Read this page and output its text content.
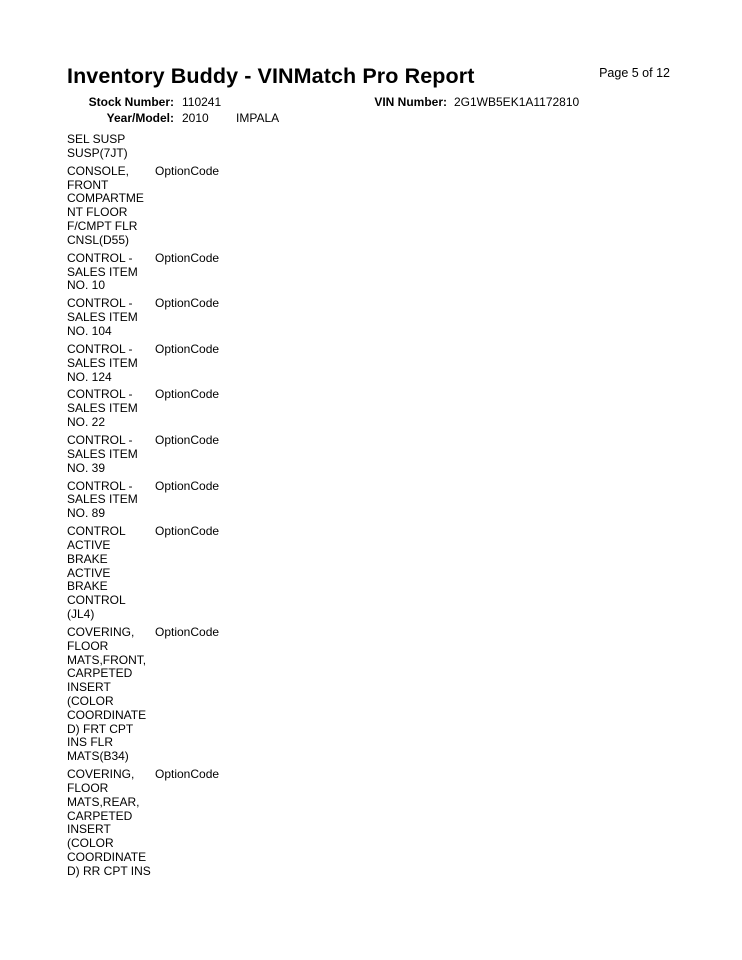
Inventory Buddy - VINMatch Pro Report	Page 5 of 12
Stock Number: 110241
Year/Model: 2010 IMPALA
VIN Number: 2G1WB5EK1A1172810
SEL SUSP
SUSP(7JT)
CONSOLE,
FRONT
COMPARTME
NT FLOOR
F/CMPT FLR
CNSL(D55)
OptionCode
CONTROL -
SALES ITEM
NO. 10
OptionCode
CONTROL -
SALES ITEM
NO. 104
OptionCode
CONTROL -
SALES ITEM
NO. 124
OptionCode
CONTROL -
SALES ITEM
NO. 22
OptionCode
CONTROL -
SALES ITEM
NO. 39
OptionCode
CONTROL -
SALES ITEM
NO. 89
OptionCode
CONTROL
ACTIVE
BRAKE
ACTIVE
BRAKE
CONTROL
(JL4)
OptionCode
COVERING,
FLOOR
MATS,FRONT,
CARPETED
INSERT
(COLOR
COORDINATE
D) FRT CPT
INS FLR
MATS(B34)
OptionCode
COVERING,
FLOOR
MATS,REAR,
CARPETED
INSERT
(COLOR
COORDINATE
D) RR CPT INS
OptionCode
